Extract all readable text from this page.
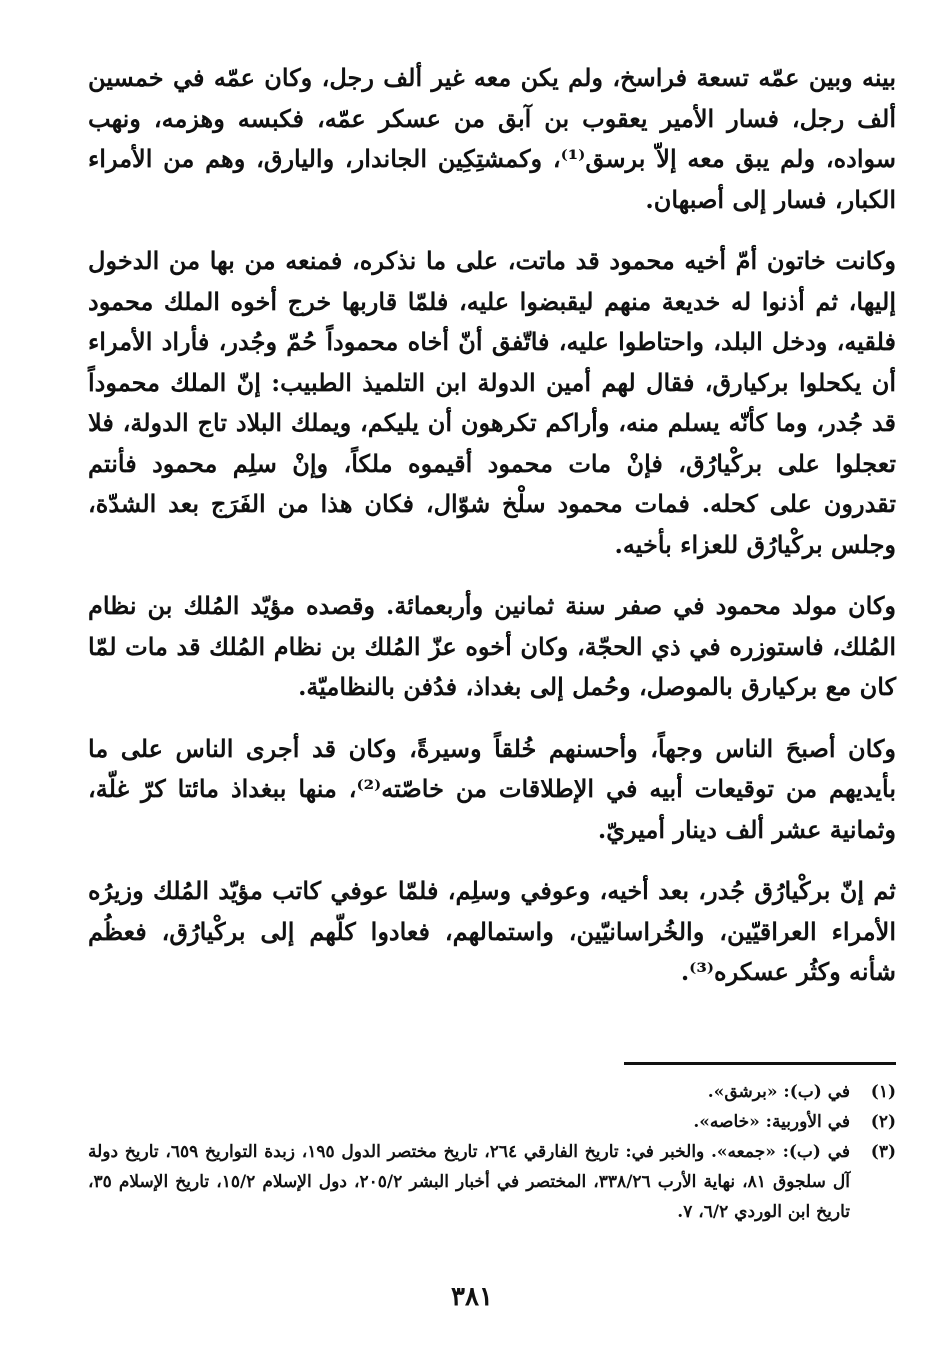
بينه وبين عمّه تسعة فراسخ، ولم يكن معه غير ألف رجل، وكان عمّه في خمسين ألف رجل، فسار الأمير يعقوب بن آبق من عسكر عمّه، فكبسه وهزمه، ونهب سواده، ولم يبق معه إلاّ برسق⁽¹⁾، وكمشتِكِين الجاندار، واليارق، وهم من الأمراء الكبار، فسار إلى أصبهان.

وكانت خاتون أمّ أخيه محمود قد ماتت، على ما نذكره، فمنعه من بها من الدخول إليها، ثم أذنوا له خديعة منهم ليقبضوا عليه، فلمّا قاربها خرج أخوه الملك محمود فلقيه، ودخل البلد، واحتاطوا عليه، فاتّفق أنّ أخاه محموداً حُمّ وجُدر، فأراد الأمراء أن يكحلوا بركيارق، فقال لهم أمين الدولة ابن التلميذ الطبيب: إنّ الملك محموداً قد جُدر، وما كأنّه يسلم منه، وأراكم تكرهون أن يليكم، ويملك البلاد تاج الدولة، فلا تعجلوا على بركْيارُق، فإنْ مات محمود أقيموه ملكاً، وإنْ سلِم محمود فأنتم تقدرون على كحله. فمات محمود سلْخ شوّال، فكان هذا من الفَرَج بعد الشدّة، وجلس بركْيارُق للعزاء بأخيه.

وكان مولد محمود في صفر سنة ثمانين وأربعمائة. وقصده مؤيّد المُلك بن نظام المُلك، فاستوزره في ذي الحجّة، وكان أخوه عزّ المُلك بن نظام المُلك قد مات لمّا كان مع بركيارق بالموصل، وحُمل إلى بغداذ، فدُفن بالنظاميّة.

وكان أصبحَ الناس وجهاً، وأحسنهم خُلقاً وسيرةً، وكان قد أجرى الناس على ما بأيديهم من توقيعات أبيه في الإطلاقات من خاصّته⁽²⁾، منها ببغداذ مائتا كرّ غلّة، وثمانية عشر ألف دينار أميريّ.

ثم إنّ بركْيارُق جُدر، بعد أخيه، وعوفي وسلِم، فلمّا عوفي كاتب مؤيّد المُلك وزيرُه الأمراء العراقيّين، والخُراسانيّين، واستمالهم، فعادوا كلّهم إلى بركْيارُق، فعظُم شأنه وكثُر عسكره⁽³⁾.

(١)
في (ب): «برشق».
(٢)
في الأوربية: «خاصه».
(٣)
في (ب): «جمعه». والخبر في: تاريخ الفارقي ٢٦٤، تاريخ مختصر الدول ١٩٥، زبدة التواريخ ٦٥٩، تاريخ دولة آل سلجوق ٨١، نهاية الأرب ٣٣٨/٢٦، المختصر في أخبار البشر ٢٠٥/٢، دول الإسلام ١٥/٢، تاريخ الإسلام ٣٥، تاريخ ابن الوردي ٦/٢، ٧.
٣٨١
